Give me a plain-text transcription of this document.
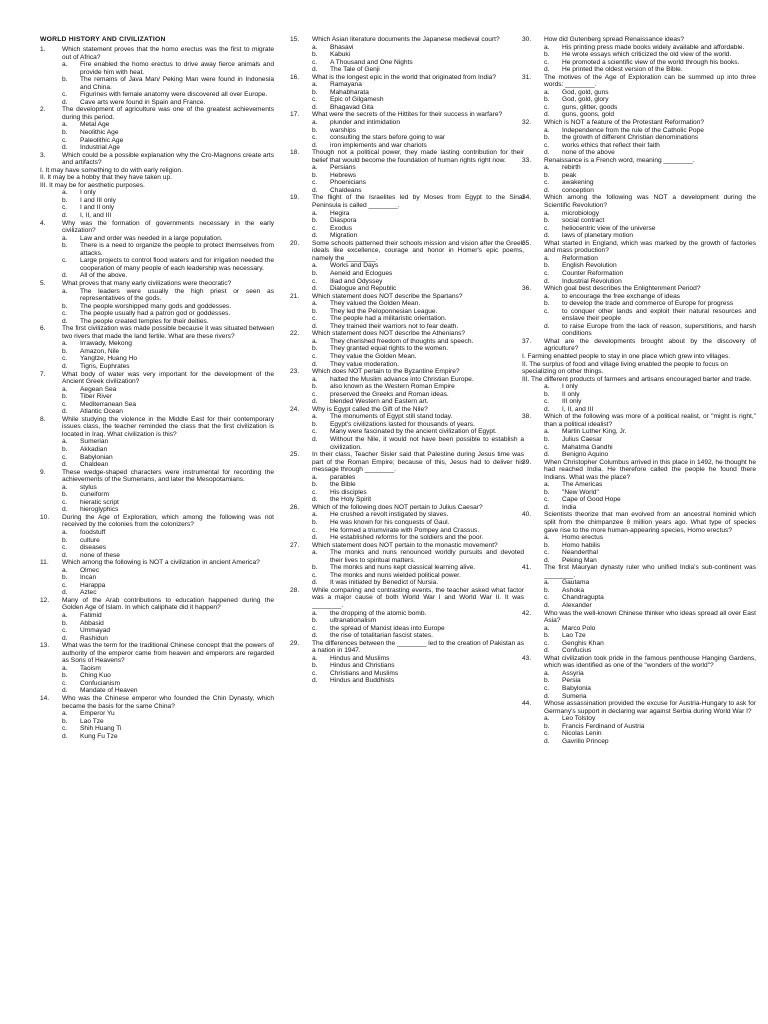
WORLD HISTORY AND CIVILIZATION
1.	Which statement proves that the homo erectus was the first to migrate out of Africa?
a.	Fire enabled the homo erectus to drive away fierce animals and provide him with heat.
b.	The remains of Java Man/ Peking Man were found in Indonesia and China.
c.	Figurines with female anatomy were discovered all over Europe.
d.	Cave arts were found in Spain and France.
2.	The development of agriculture was one of the greatest achievements during this period.
a.	Metal Age
b.	Neolithic Age
c.	Paleolithic Age
d.	Industrial Age
3.	Which could be a possible explanation why the Cro-Magnons create arts and artifacts?
I. It may have something to do with early religion.
II. It may be a hobby that they have taken up.
III. It may be for aesthetic purposes.
a.	I only
b.	I and III only
c.	I and II only
d.	I, II, and III
4.	Why was the formation of governments necessary in the early civilization?
a.	Law and order was needed in a large population.
b.	There is a need to organize the people to protect themselves from attacks.
c.	Large projects to control flood waters and for irrigation needed the cooperation of many people of each leadership was necessary.
d.	All of the above.
5.	What proves that many early civilizations were theocratic?
a.	The leaders were usually the high priest or seen as representatives of the gods.
b.	The people worshipped many gods and goddesses.
c.	The people usually had a patron god or goddesses.
d.	The people created temples for their deities.
6.	The first civilization was made possible because it was situated between two rivers that made the land fertile. What are these rivers?
a.	Irrawady, Mekong
b.	Amazon, Nile
c.	Yangtze, Huang Ho
d.	Tigris, Euphrates
7.	What body of water was very important for the development of the Ancient Greek civilization?
a.	Aegean Sea
b.	Tiber River
c.	Mediterranean Sea
d.	Atlantic Ocean
8.	While studying the violence in the Middle East for their contemporary issues class, the teacher reminded the class that the first civilization is located in Iraq. What civilization is this?
a.	Sumerian
b.	Akkadian
c.	Babylonian
d.	Chaldean
9.	These wedge-shaped characters were instrumental for recording the achievements of the Sumerians, and later the Mesopotamians.
a.	stylus
b.	cuneiform
c.	hieratic script
d.	hieroglyphics
10.	During the Age of Exploration, which among the following was not received by the colonies from the colonizers?
a.	foodstuff
b.	culture
c.	diseases
d.	none of these
11.	Which among the following is NOT a civilization in ancient America?
a.	Olmec
b.	Incan
c.	Harappa
d.	Aztec
12.	Many of the Arab contributions to education happened during the Golden Age of Islam. In which caliphate did it happen?
a.	Fatimid
b.	Abbasid
c.	Ummayad
d.	Rashidun
13.	What was the term for the traditional Chinese concept that the powers of authority of the emperor came from heaven and emperors are regarded as Sons of Heavens?
a.	Taoism
b.	Ching Kuo
c.	Confucianism
d.	Mandate of Heaven
14.	Who was the Chinese emperor who founded the Chin Dynasty, which became the basis for the same China?
a.	Emperor Yu
b.	Lao Tze
c.	Shih Huang Ti
d.	Kung Fu Tze
15.	Which Asian literature documents the Japanese medieval court?
a.	Bhasavi
b.	Kabuki
c.	A Thousand and One Nights
d.	The Tale of Genji
16.	What is the longest epic in the world that originated from India?
a.	Ramayana
b.	Mahabharata
c.	Epic of Gilgamesh
d.	Bhagavad Gita
17.	What were the secrets of the Hittites for their success in warfare?
a.	plunder and intimidation
b.	warships
c.	consulting the stars before going to war
d.	iron implements and war chariots
18.	Though not a political power, they made lasting contribution for their belief that would become the foundation of human rights right now.
a.	Persians
b.	Hebrews
c.	Phoenicians
d.	Chaldeans
19.	The flight of the Israelites led by Moses from Egypt to the Sinai Peninsula is called ________.
a.	Hegira
b.	Diaspora
c.	Exodus
d.	Migration
20.	Some schools patterned their schools mission and vision after the Greek ideals like excellence, courage and honor in Homer's epic poems, namely the ________.
a.	Works and Days
b.	Aeneid and Eclogues
c.	Iliad and Odyssey
d.	Dialogue and Republic
21.	Which statement does NOT describe the Spartans?
a.	They valued the Golden Mean.
b.	They led the Peloponnesian League.
c.	The people had a militaristic orientation.
d.	They trained their warriors not to fear death.
22.	Which statement does NOT describe the Athenians?
a.	They cherished freedom of thoughts and speech.
b.	They granted equal rights to the women.
c.	They value the Golden Mean.
d.	They value moderation.
23.	Which does NOT pertain to the Byzantine Empire?
a.	halted the Muslim advance into Christian Europe.
b.	also known as the Western Roman Empire
c.	preserved the Greeks and Roman ideas.
d.	blended Western and Eastern art.
24.	Why is Egypt called the Gift of the Nile?
a.	The monuments of Egypt still stand today.
b.	Egypt's civilizations lasted for thousands of years.
c.	Many were fascinated by the ancient civilization of Egypt.
d.	Without the Nile, it would not have been possible to establish a civilization.
25.	In their class, Teacher Sisler said that Palestine during Jesus time was part of the Roman Empire; because of this, Jesus had to deliver his message through ________.
a.	parables
b.	the Bible
c.	His disciples
d.	the Holy Spirit
26.	Which of the following does NOT pertain to Julius Caesar?
a.	He crushed a revolt instigated by slaves.
b.	He was known for his conquests of Gaul.
c.	He formed a triumvirate with Pompey and Crassus.
d.	He established reforms for the soldiers and the poor.
27.	Which statement does NOT pertain to the monastic movement?
a.	The monks and nuns renounced worldly pursuits and devoted their lives to spiritual matters.
b.	The monks and nuns kept classical learning alive.
c.	The monks and nuns wielded political power.
d.	It was initiated by Benedict of Nursia.
28.	While comparing and contrasting events, the teacher asked what factor was a major cause of both World War I and World War II. It was ________.
a.	the dropping of the atomic bomb.
b.	ultranationalism
c.	the spread of Marxist ideas into Europe
d.	the rise of totalitarian fascist states.
29.	The differences between the ________ led to the creation of Pakistan as a nation in 1947.
a.	Hindus and Muslims
b.	Hindus and Christians
c.	Christians and Muslims
d.	Hindus and Buddhists
30.	How did Gutenberg spread Renaissance ideas?
a.	His printing press made books widely available and affordable.
b.	He wrote essays which criticized the old view of the world.
c.	He promoted a scientific view of the world through his books.
d.	He printed the oldest version of the Bible.
31.	The motives of the Age of Exploration can be summed up into three words: ________.
a.	God, gold, guns
b.	God, gold, glory
c.	guns, glitter, goods
d.	guns, goons, gold
32.	Which is NOT a feature of the Protestant Reformation?
a.	Independence from the rule of the Catholic Pope
b.	the growth of different Christian denominations
c.	works ethics that reflect their faith
d.	none of the above
33.	Renaissance is a French word, meaning ________.
a.	rebirth
b.	peak
c.	awakening
d.	conception
34.	Which among the following was NOT a development during the Scientific Revolution?
a.	microbiology
b.	social contract
c.	heliocentric view of the universe
d.	laws of planetary motion
35.	What started in England, which was marked by the growth of factories and mass production?
a.	Reformation
b.	English Revolution
c.	Counter Reformation
d.	Industrial Revolution
36.	Which goal best describes the Enlightenment Period?
a.	to encourage the free exchange of ideas
b.	to develop the trade and commerce of Europe for progress
c.	to conquer other lands and exploit their natural resources and enslave their people
d.	to raise Europe from the lack of reason, superstitions, and harsh conditions
37.	What are the developments brought about by the discovery of agriculture?
I. Farming enabled people to stay in one place which grew into villages.
II. The surplus of food and village living enabled the people to focus on specializing on other things.
III. The different products of farmers and artisans encouraged barter and trade.
a.	I only
b.	II only
c.	III only
d.	I, II, and III
38.	Which of the following was more of a political realist, or "might is right," than a political idealist?
a.	Martin Luther King, Jr.
b.	Julius Caesar
c.	Mahatma Gandhi
d.	Benigno Aquino
39.	When Christopher Columbus arrived in this place in 1492, he thought he had reached India. He therefore called the people he found there Indians. What was the place?
a.	The Americas
b.	"New World"
c.	Cape of Good Hope
d.	India
40.	Scientists theorize that man evolved from an ancestral hominid which split from the chimpanzee 8 million years ago. What type of species gave rise to the more human-appearing species, Homo erectus?
a.	Homo erectus
b.	Homo habilis
c.	Neanderthal
d.	Peking Man
41.	The first Mauryan dynasty ruler who unified India's sub-continent was ________.
a.	Gautama
b.	Ashoka
c.	Chandragupta
d.	Alexander
42.	Who was the well-known Chinese thinker who ideas spread all over East Asia?
a.	Marco Polo
b.	Lao Tze
c.	Genghis Khan
d.	Confucius
43.	What civilization took pride in the famous penthouse Hanging Gardens, which was identified as one of the "wonders of the world"?
a.	Assyria
b.	Persia
c.	Babylonia
d.	Sumeria
44.	Whose assassination provided the excuse for Austria-Hungary to ask for Germany's support in declaring war against Serbia during World War I?
a.	Leo Tolstoy
b.	Francis Ferdinand of Austria
c.	Nicolas Lenin
d.	Gavrillo Princep
